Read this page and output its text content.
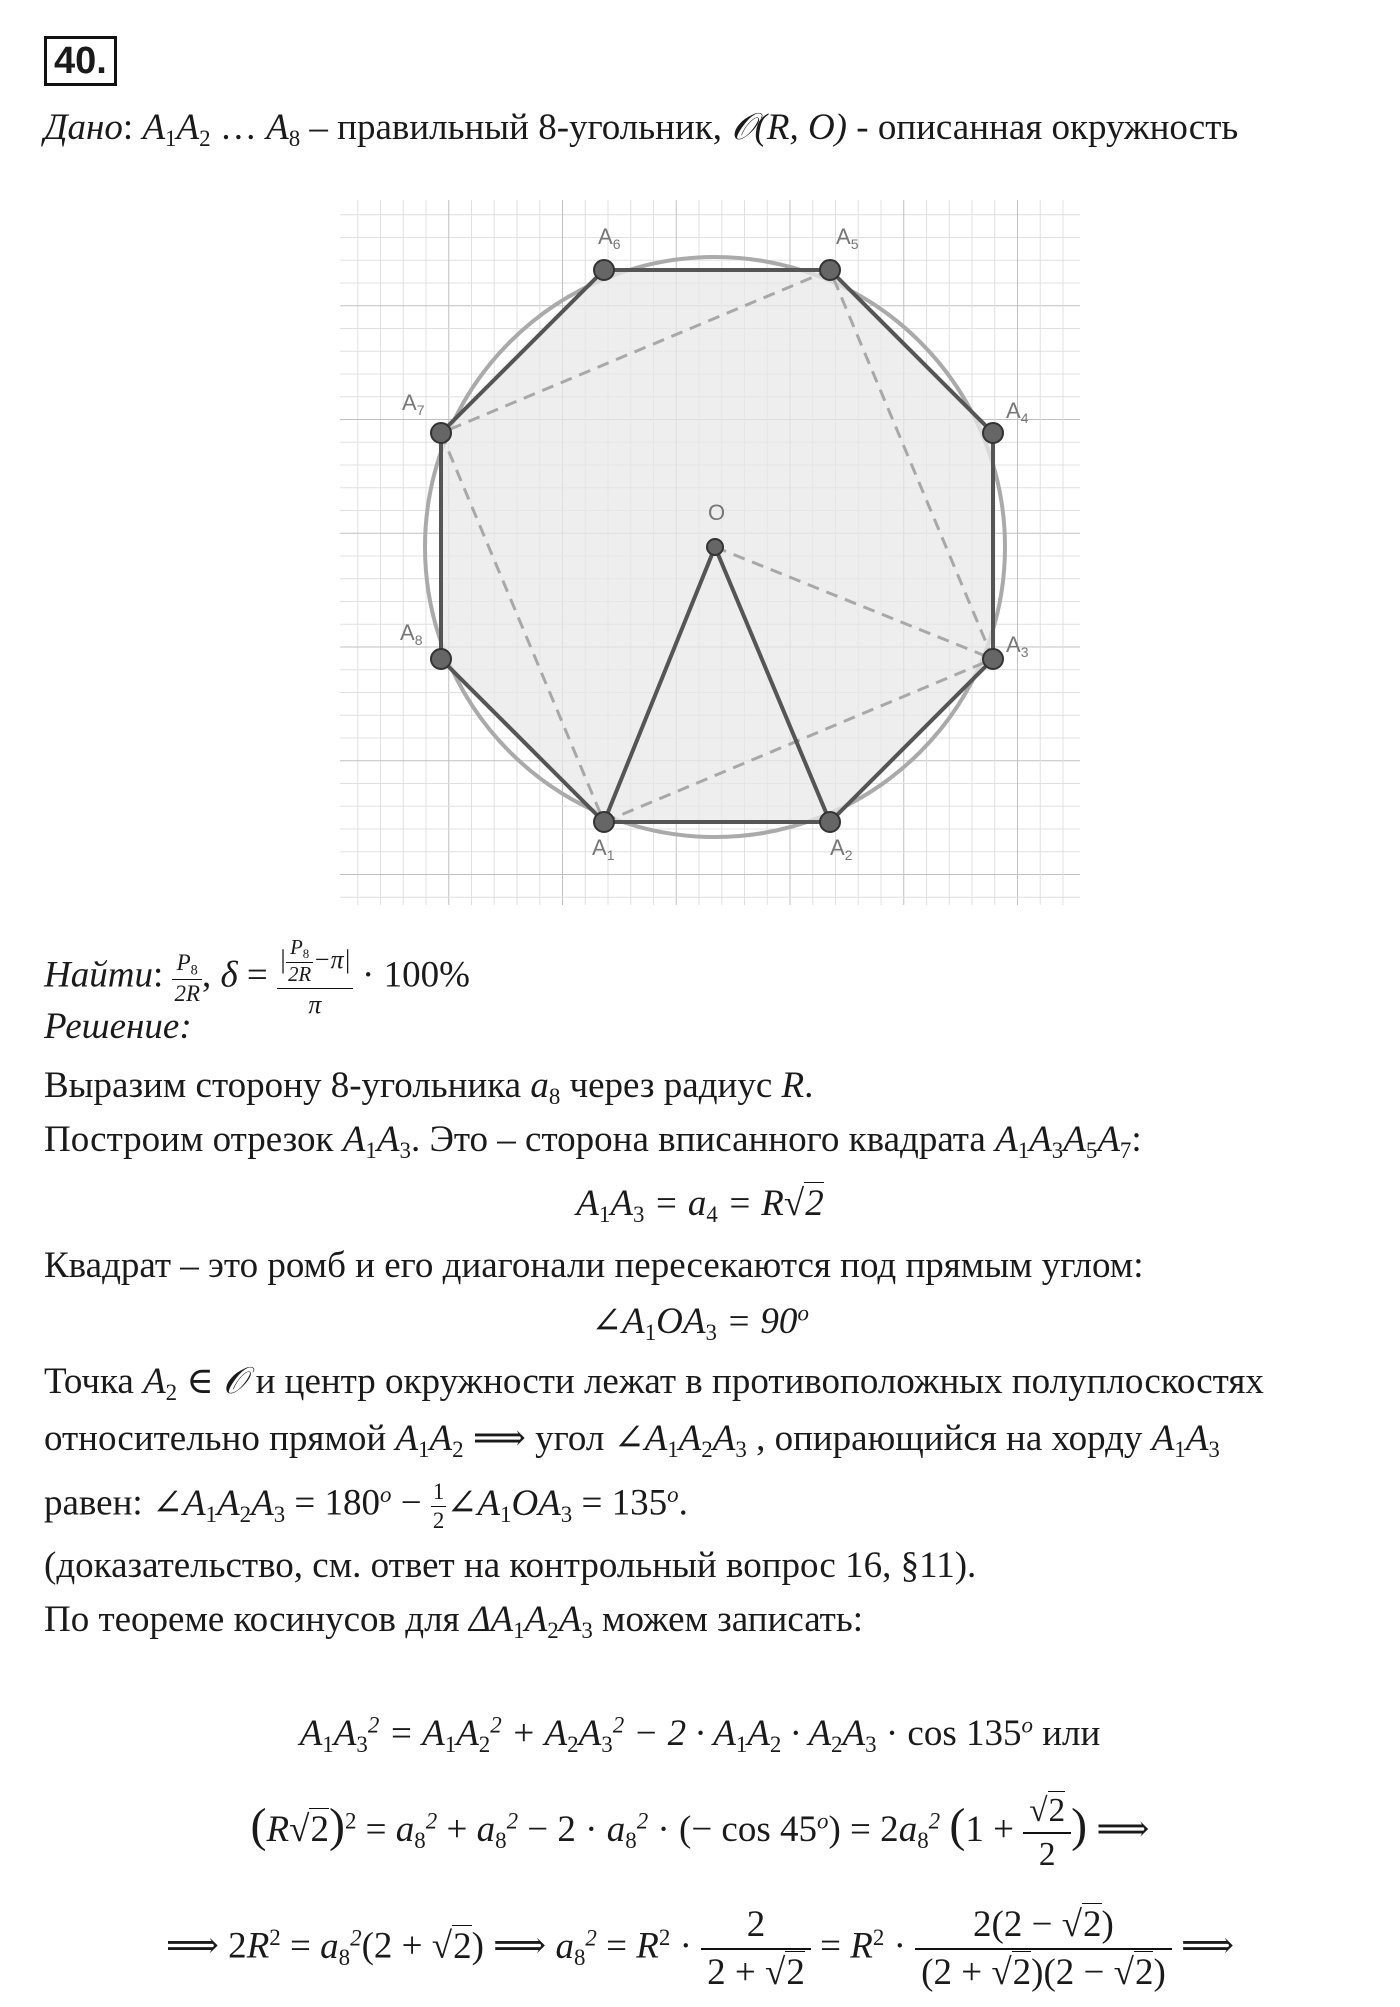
40.
Дано: $A_1A_2$ … $A_8$ – правильный 8-угольник, 𝒪(R, O) - описанная окружность
O
$A_1$	$A_2$
$A_3$
$A_4$
$A_5$
$A_6$
$A_7$
$A_8$
Найти: $\frac{P_8}{2R}$ , $\delta = \frac{| \frac{P_8}{2R} -\pi|}{\pi} \cdot 100\%$
Решение:
Выразим сторону 8-угольника $a_8$ через радиус R.
Построим отрезок $A_1A_3$. Это – сторона вписанного квадрата $A_1A_3A_5A_7$:
$A_1A_3 = a_4 = R√2$
Квадрат – это ромб и его диагонали пересекаются под прямым углом:
$\angle A_1OA_3 = 90^o$
Точка $A_2$ ∈ 𝒪 и центр окружности лежат в противоположных полуплоскостях
относительно прямой $A_1A_2$ ⟹ угол $\angle A_1A_2A_3$ , опирающийся на хорду $A_1A_3$
равен: $\angle A_1A_2A_3 = 180^o - \frac{1}{2}$ $\angle A_1OA_3 = 135^o$.
(доказательство, см. ответ на контрольный вопрос 16, §11).
По теореме косинусов для $\Delta A_1A_2A_3$ можем записать:
$A_1A_3^2 = A_1A_2^2 + A_2A_3^2 - 2 \cdot A_1A_2 \cdot A_2A_3 \cdot \cos 135^o$ или
$(R√2)^2 = a_8^2 + a_8^2 - 2 \cdot a_8^2$ · (− $\cos 45^o) = 2a_8^2$ ($1 + \frac{√2}{2}$ ) ⟹
⟹ $2R^2 = a_8^2(2 + √2)$ ⟹ $a_8^2 = R^2 \cdot \frac{2}{2 + √2} = R^2 \cdot \frac{2(2 - √2)}{(2 + √2)(2 - √2)}$ ⟹
